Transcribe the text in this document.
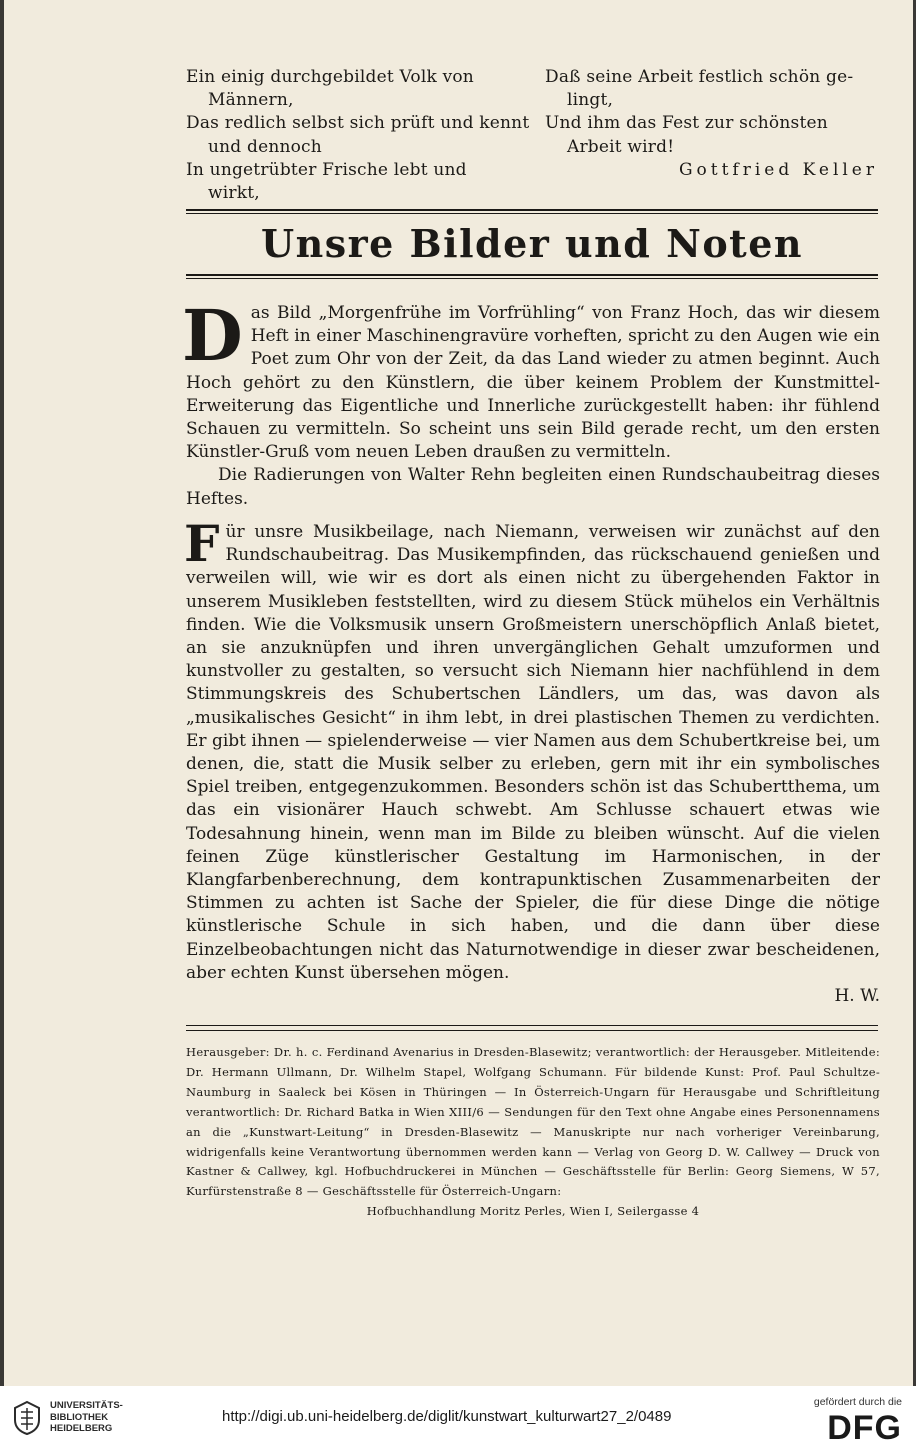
Ein einig durchgebildet Volk von
Männern,
Das redlich selbst sich prüft und kennt
und dennoch
In ungetrübter Frische lebt und
wirkt,
Daß seine Arbeit festlich schön ge-
lingt,
Und ihm das Fest zur schönsten
Arbeit wird!
Gottfried Keller
Unsre Bilder und Noten

D as Bild „Morgenfrühe im Vorfrühling“ von Franz Hoch, das wir diesem Heft in einer Maschinengravüre vorheften, spricht zu den Augen wie ein Poet zum Ohr von der Zeit, da das Land wieder zu atmen beginnt. Auch Hoch gehört zu den Künstlern, die über keinem Problem der Kunstmittel-Erweiterung das Eigentliche und Innerliche zurückgestellt haben: ihr fühlend Schauen zu vermitteln. So scheint uns sein Bild gerade recht, um den ersten Künstler-Gruß vom neuen Leben draußen zu vermitteln.

Die Radierungen von Walter Rehn begleiten einen Rundschaubeitrag dieses Heftes.

F ür unsre Musikbeilage, nach Niemann, verweisen wir zunächst auf den Rundschaubeitrag. Das Musikempfinden, das rückschauend genießen und verweilen will, wie wir es dort als einen nicht zu übergehenden Faktor in unserem Musikleben feststellten, wird zu diesem Stück mühelos ein Verhältnis finden. Wie die Volksmusik unsern Großmeistern unerschöpflich Anlaß bietet, an sie anzuknüpfen und ihren unvergänglichen Gehalt umzuformen und kunstvoller zu gestalten, so versucht sich Niemann hier nachfühlend in dem Stimmungskreis des Schubertschen Ländlers, um das, was davon als „musikalisches Gesicht“ in ihm lebt, in drei plastischen Themen zu verdichten. Er gibt ihnen — spielenderweise — vier Namen aus dem Schubertkreise bei, um denen, die, statt die Musik selber zu erleben, gern mit ihr ein symbolisches Spiel treiben, entgegenzukommen. Besonders schön ist das Schubertthema, um das ein visionärer Hauch schwebt. Am Schlusse schauert etwas wie Todesahnung hinein, wenn man im Bilde zu bleiben wünscht. Auf die vielen feinen Züge künstlerischer Gestaltung im Harmonischen, in der Klangfarbenberechnung, dem kontrapunktischen Zusammenarbeiten der Stimmen zu achten ist Sache der Spieler, die für diese Dinge die nötige künstlerische Schule in sich haben, und die dann über diese Einzelbeobachtungen nicht das Naturnotwendige in dieser zwar bescheidenen, aber echten Kunst übersehen mögen.

H. W.

Herausgeber: Dr. h. c. Ferdinand Avenarius in Dresden-Blasewitz; verantwortlich: der Herausgeber. Mitleitende: Dr. Hermann Ullmann, Dr. Wilhelm Stapel, Wolfgang Schumann. Für bildende Kunst: Prof. Paul Schultze-Naumburg in Saaleck bei Kösen in Thüringen — In Österreich-Ungarn für Herausgabe und Schriftleitung verantwortlich: Dr. Richard Batka in Wien XIII/6 — Sendungen für den Text ohne Angabe eines Personennamens an die „Kunstwart-Leitung“ in Dresden-Blasewitz — Manuskripte nur nach vorheriger Vereinbarung, widrigenfalls keine Verantwortung übernommen werden kann — Verlag von Georg D. W. Callwey — Druck von Kastner & Callwey, kgl. Hofbuchdruckerei in München — Geschäftsstelle für Berlin: Georg Siemens, W 57, Kurfürstenstraße 8 — Geschäftsstelle für Österreich-Ungarn:
Hofbuchhandlung Moritz Perles, Wien I, Seilergasse 4
UNIVERSITÄTS-
BIBLIOTHEK
HEIDELBERG
http://digi.ub.uni-heidelberg.de/diglit/kunstwart_kulturwart27_2/0489
gefördert durch die
DFG
